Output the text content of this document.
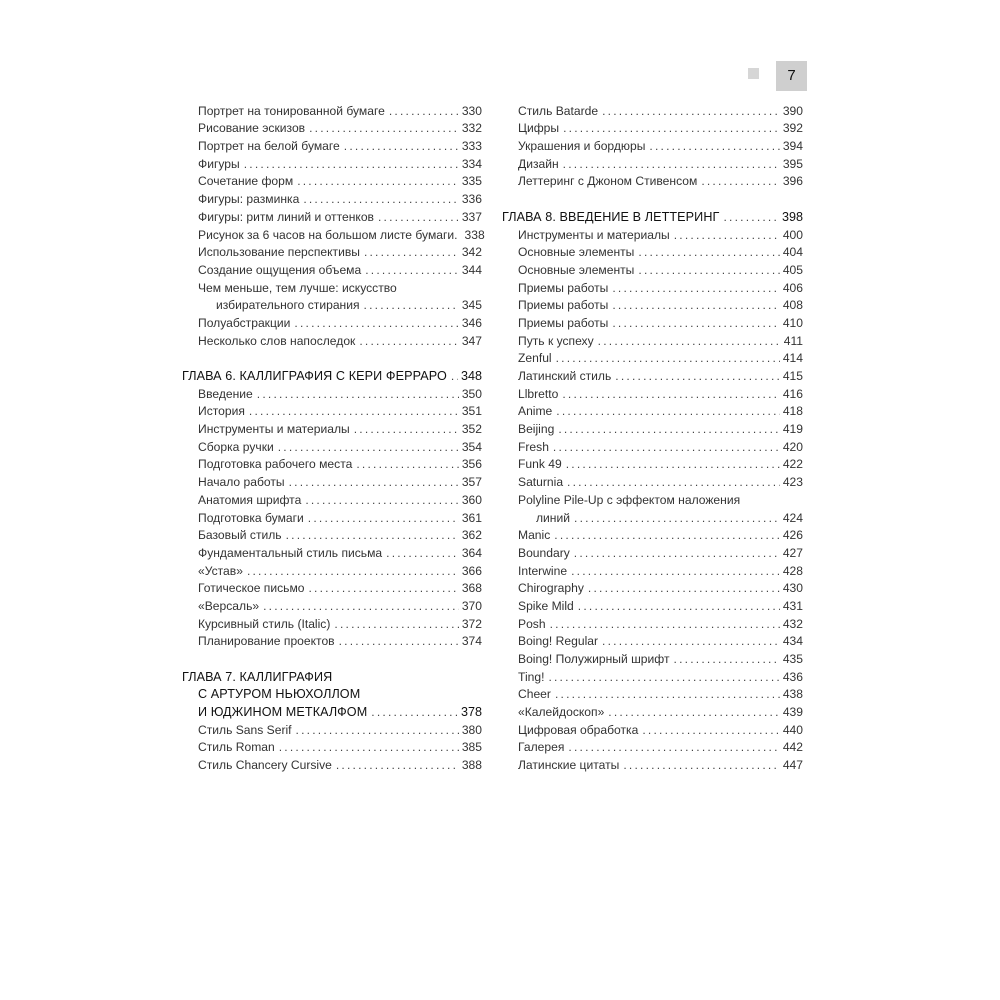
7
Портрет на тонированной бумаге .....	330
Рисование эскизов .....	332
Портрет на белой бумаге .....	333
Фигуры .....	334
Сочетание форм .....	335
Фигуры: разминка .....	336
Фигуры: ритм линий и оттенков .....	337
Рисунок за 6 часов на большом листе бумаги. 338
Использование перспективы .....	342
Создание ощущения объема .....	344
Чем меньше, тем лучше: искусство
избирательного стирания .....	345
Полуабстракции .....	346
Несколько слов напоследок .....	347
ГЛАВА 6. КАЛЛИГРАФИЯ С КЕРИ ФЕРРАРО ..... 348
Введение .....	350
История .....	351
Инструменты и материалы .....	352
Сборка ручки .....	354
Подготовка рабочего места .....	356
Начало работы .....	357
Анатомия шрифта .....	360
Подготовка бумаги .....	361
Базовый стиль .....	362
Фундаментальный стиль письма .....	364
«Устав» .....	366
Готическое письмо .....	368
«Версаль» .....	370
Курсивный стиль (Italic) .....	372
Планирование проектов .....	374
ГЛАВА 7. КАЛЛИГРАФИЯ
С АРТУРОМ НЬЮХОЛЛОМ
И ЮДЖИНОМ МЕТКАЛФОМ .....	378
Стиль Sans Serif .....	380
Стиль Roman .....	385
Стиль Chancery Cursive .....	388
Стиль Batarde .....	390
Цифры .....	392
Украшения и бордюры .....	394
Дизайн .....	395
Леттеринг с Джоном Стивенсом .....	396
ГЛАВА 8. ВВЕДЕНИЕ В ЛЕТТЕРИНГ .....	398
Инструменты и материалы .....	400
Основные элементы .....	404
Основные элементы .....	405
Приемы работы .....	406
Приемы работы .....	408
Приемы работы .....	410
Путь к успеху .....	411
Zenful .....	414
Латинский стиль .....	415
Llbretto .....	416
Anime .....	418
Beijing .....	419
Fresh .....	420
Funk 49 .....	422
Saturnia .....	423
Polyline Pile-Up с эффектом наложения
линий .....	424
Manic .....	426
Boundary .....	427
Interwine .....	428
Chirography .....	430
Spike Mild .....	431
Posh .....	432
Boing! Regular .....	434
Boing! Полужирный шрифт .....	435
Ting! .....	436
Cheer .....	438
«Калейдоскоп» .....	439
Цифровая обработка .....	440
Галерея .....	442
Латинские цитаты .....	447
